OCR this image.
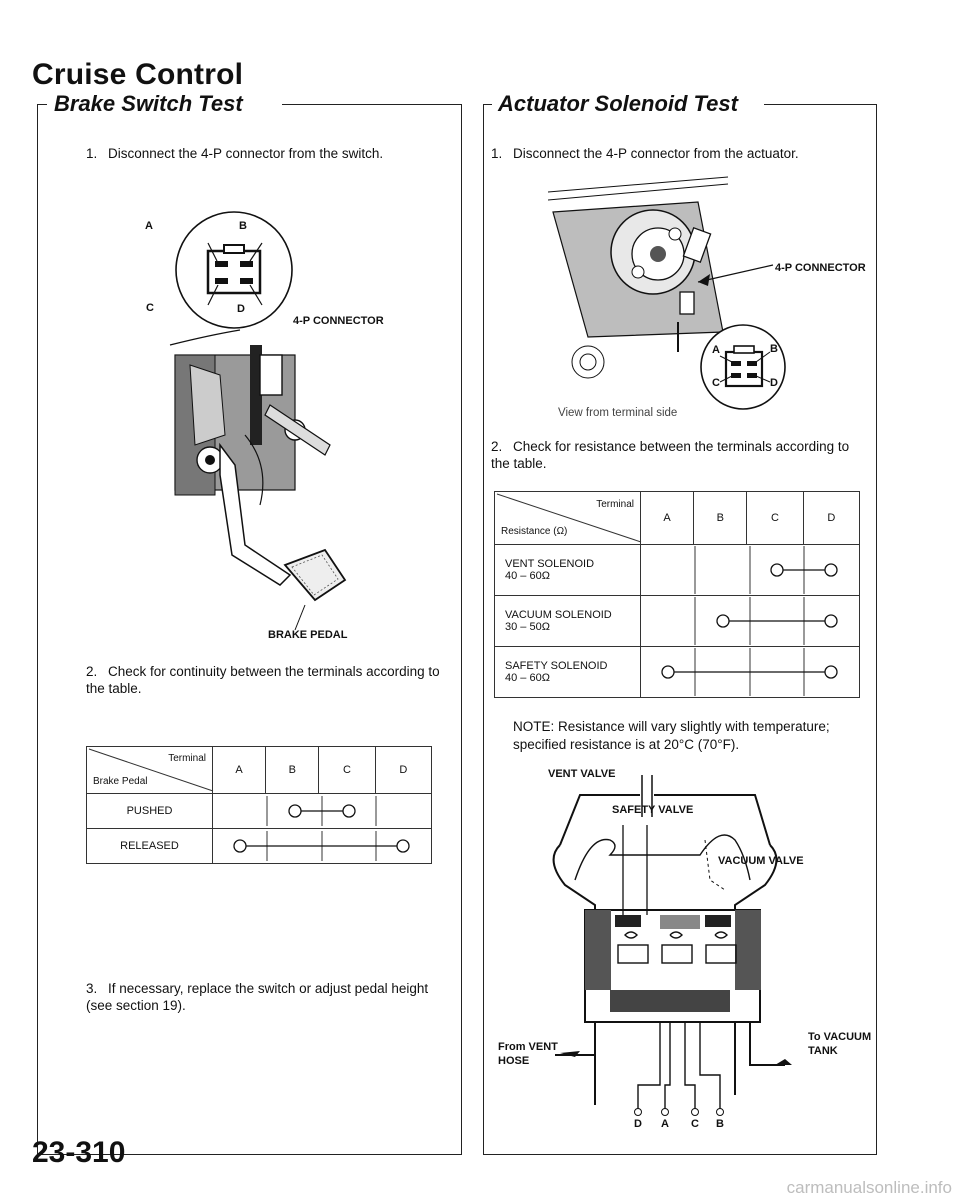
Cruise Control
Brake Switch Test
1. Disconnect the 4-P connector from the switch.
A	B
C	D
4-P CONNECTOR
BRAKE PEDAL
2. Check for continuity between the terminals according to the table.
Terminal
Brake Pedal	A	B	C	D
PUSHED	

RELEASED	
3. If necessary, replace the switch or adjust pedal height (see section 19).
Actuator Solenoid Test
1. Disconnect the 4-P connector from the actuator.
4-P CONNECTOR
A	B
C	D
View from terminal side
2. Check for resistance between the terminals according to the table.
Terminal
Resistance (Ω)	A	B	C	D
VENT SOLENOID
40 – 60Ω	

VACUUM SOLENOID
30 – 50Ω	

SAFETY SOLENOID
40 – 60Ω	
NOTE: Resistance will vary slightly with temperature; specified resistance is at 20°C (70°F).
VENT VALVE
SAFETY VALVE
VACUUM VALVE
From VENT
HOSE
To VACUUM
TANK
D A C B
23-310
carmanualsonline.info
